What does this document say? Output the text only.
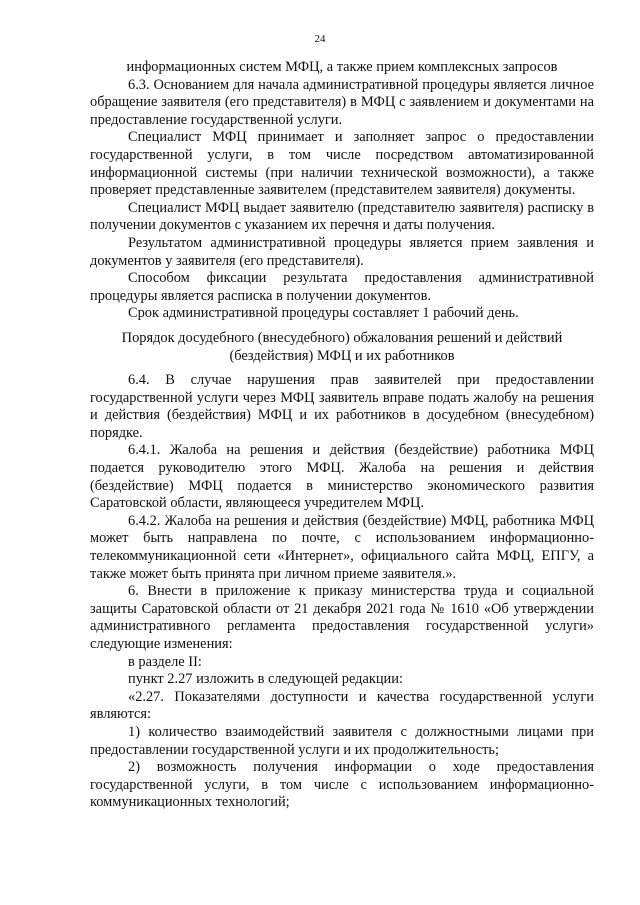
24

информационных систем МФЦ, а также прием комплексных запросов

6.3. Основанием для начала административной процедуры является личное обращение заявителя (его представителя) в МФЦ с заявлением и документами на предоставление государственной услуги.

Специалист МФЦ принимает и заполняет запрос о предоставлении государственной услуги, в том числе посредством автоматизированной информационной системы (при наличии технической возможности), а также проверяет представленные заявителем (представителем заявителя) документы.

Специалист МФЦ выдает заявителю (представителю заявителя) расписку в получении документов с указанием их перечня и даты получения.

Результатом административной процедуры является прием заявления и документов у заявителя (его представителя).

Способом фиксации результата предоставления административной процедуры является расписка в получении документов.

Срок административной процедуры составляет 1 рабочий день.

Порядок досудебного (внесудебного) обжалования решений и действий (бездействия) МФЦ и их работников

6.4. В случае нарушения прав заявителей при предоставлении государственной услуги через МФЦ заявитель вправе подать жалобу на решения и действия (бездействия) МФЦ и их работников в досудебном (внесудебном) порядке.

6.4.1. Жалоба на решения и действия (бездействие) работника МФЦ подается руководителю этого МФЦ. Жалоба на решения и действия (бездействие) МФЦ подается в министерство экономического развития Саратовской области, являющееся учредителем МФЦ.

6.4.2. Жалоба на решения и действия (бездействие) МФЦ, работника МФЦ может быть направлена по почте, с использованием информационно-телекоммуникационной сети «Интернет», официального сайта МФЦ, ЕПГУ, а также может быть принята при личном приеме заявителя.».

6. Внести в приложение к приказу министерства труда и социальной защиты Саратовской области от 21 декабря 2021 года № 1610 «Об утверждении административного регламента предоставления государственной услуги» следующие изменения:

в разделе II:

пункт 2.27 изложить в следующей редакции:

«2.27. Показателями доступности и качества государственной услуги являются:

1) количество взаимодействий заявителя с должностными лицами при предоставлении государственной услуги и их продолжительность;

2) возможность получения информации о ходе предоставления государственной услуги, в том числе с использованием информационно-коммуникационных технологий;
